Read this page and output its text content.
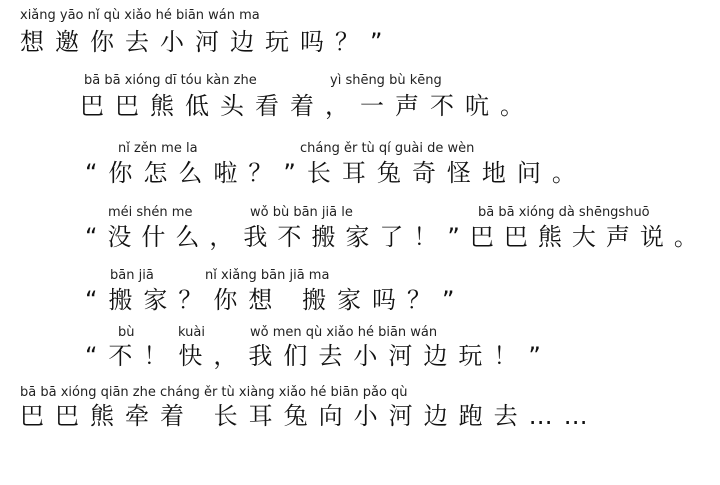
xiǎng yāo nǐ qù xiǎo hé biān wán ma
想邀你去小河边玩吗？”
bā bā xióng dī tóu kàn zhe	yì shēng bù kēng
巴巴熊低头看着，一声不吭。
nǐ zěn me la	cháng ěr tù qí guài de wèn
“你怎么啦？”长耳兔奇怪地问。
méi shén me	wǒ bù bān jiā le	bā bā xióng dà shēngshuō
“没什么，我不搬家了！”巴巴熊大声说。
bān jiā	nǐ xiǎng bān jiā ma
“搬家？你想 搬家吗？”
bù	kuài	wǒ men qù xiǎo hé biān wán
“不！快，我们去小河边玩！”
bā bā xióng qiān zhe cháng ěr tù xiàng xiǎo hé biān pǎo qù
巴巴熊牵着 长耳兔向小河边跑去……
